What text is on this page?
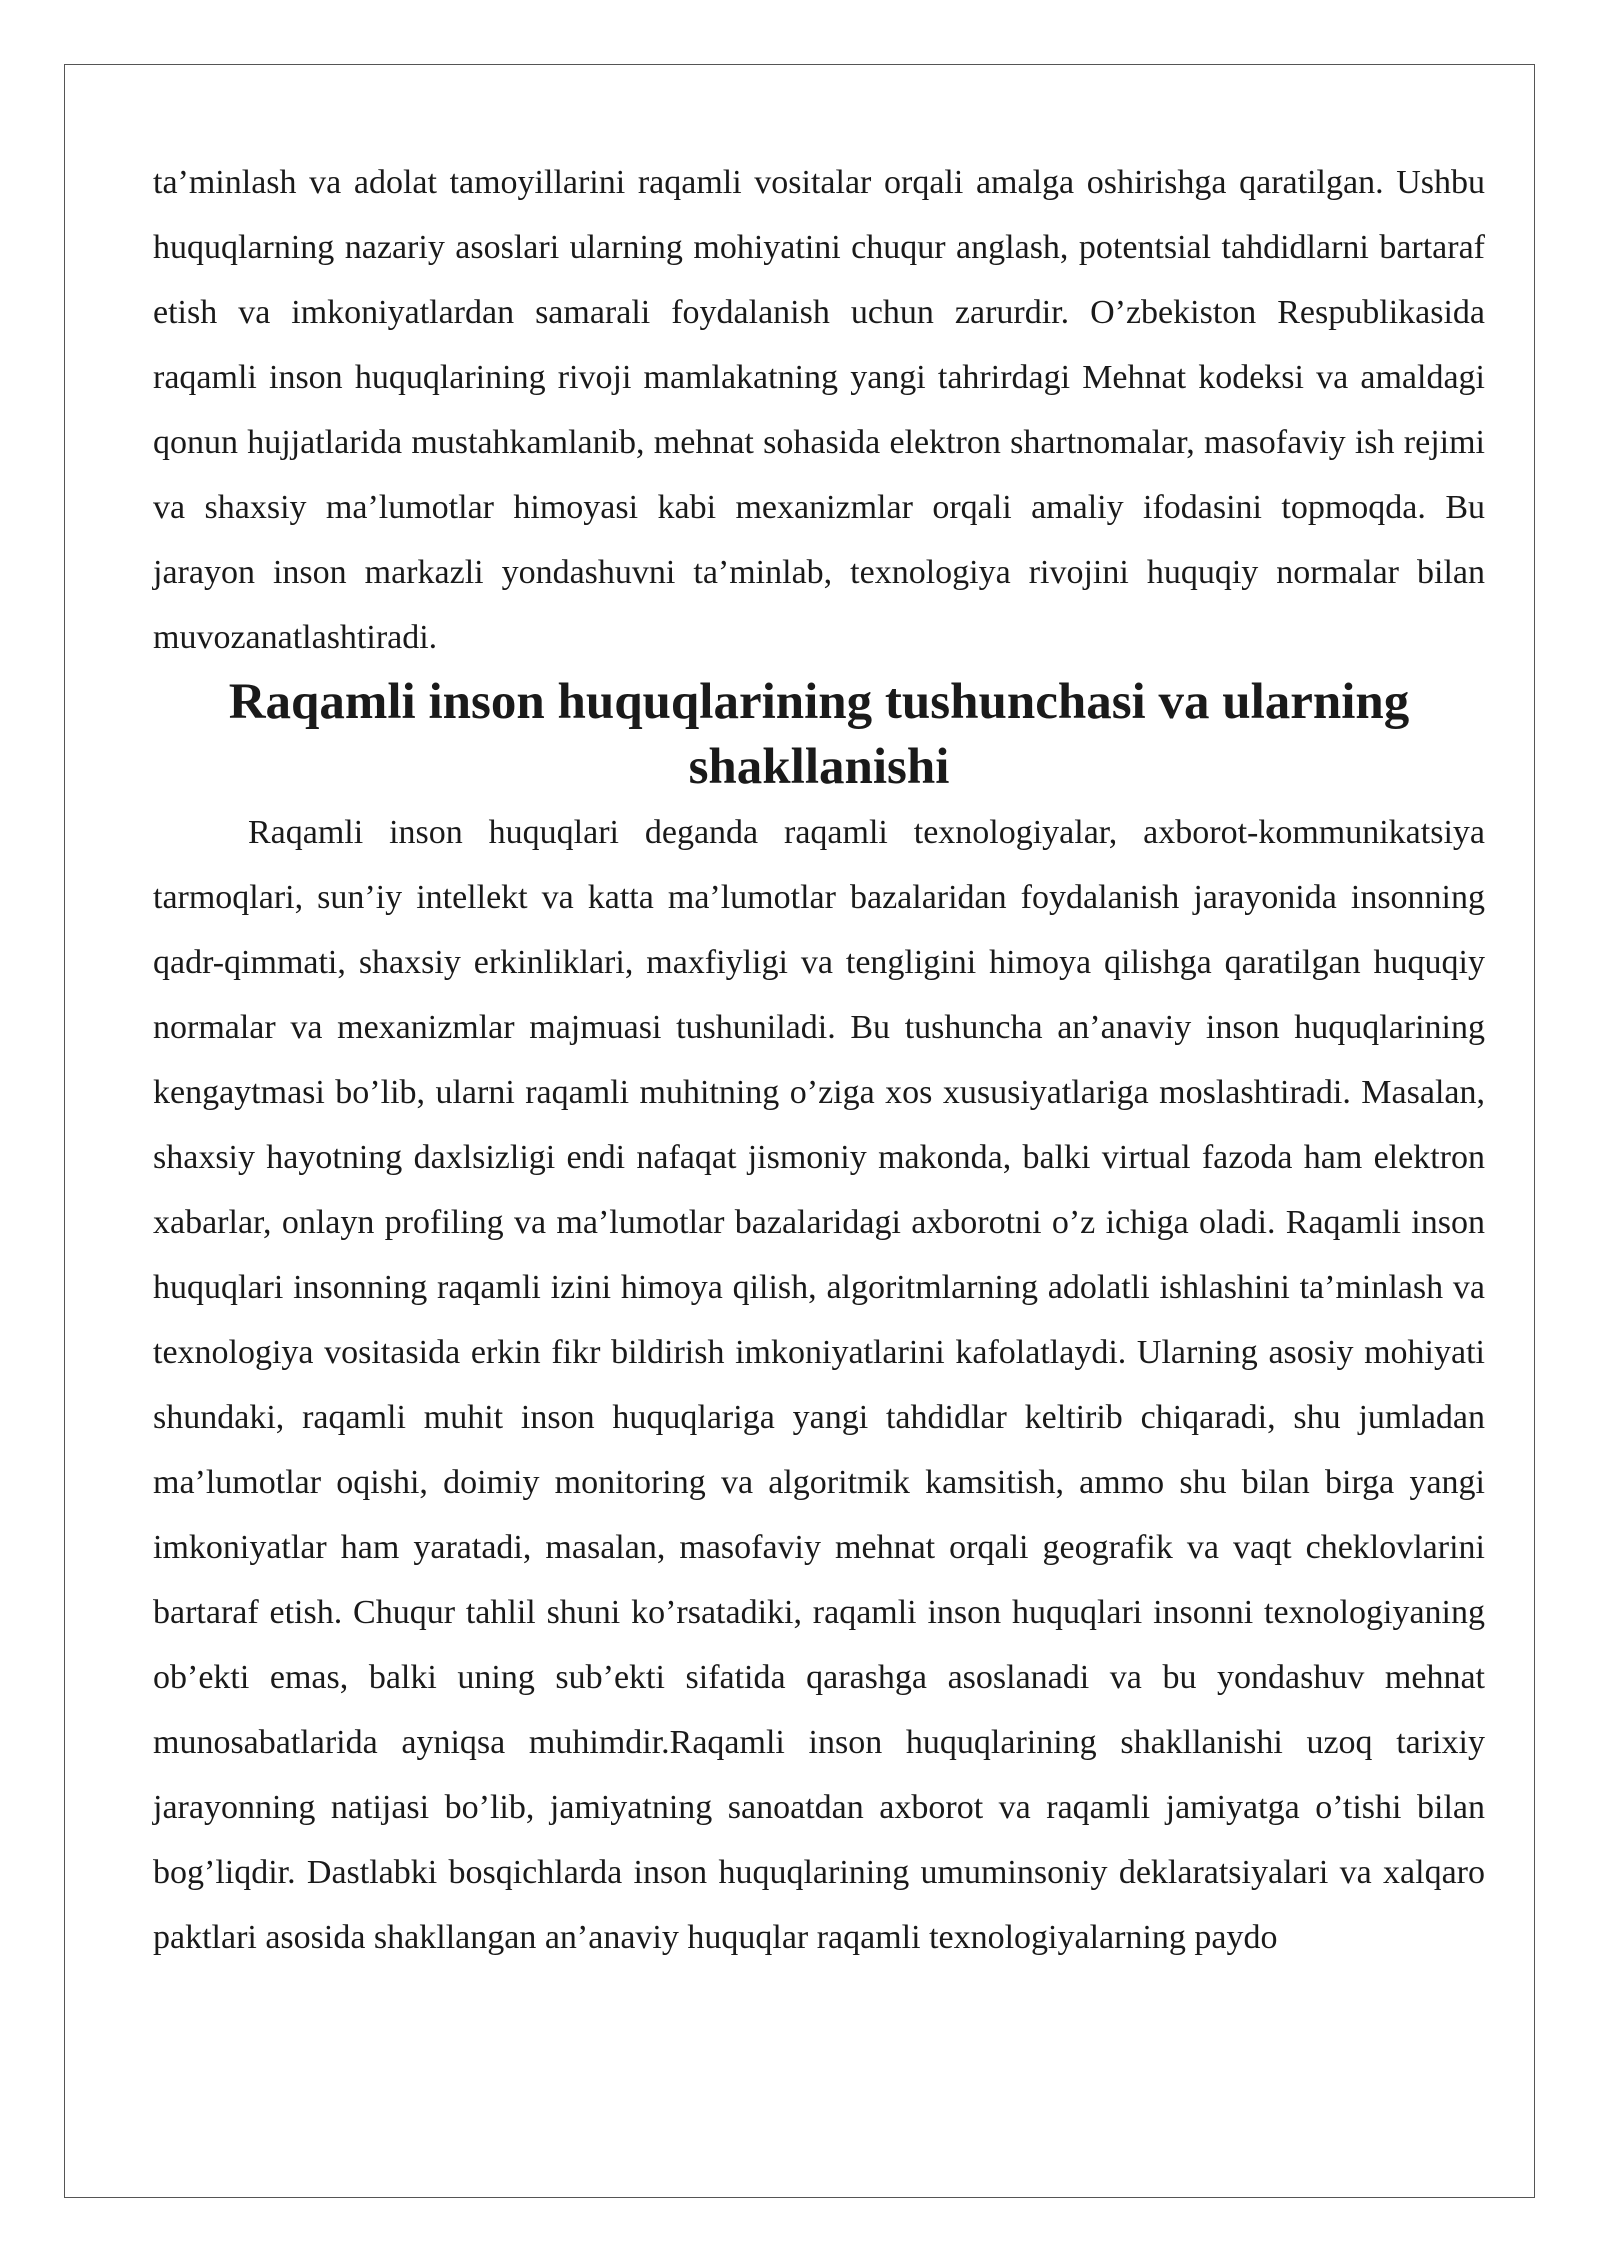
ta’minlash va adolat tamoyillarini raqamli vositalar orqali amalga oshirishga qaratilgan. Ushbu huquqlarning nazariy asoslari ularning mohiyatini chuqur anglash, potentsial tahdidlarni bartaraf etish va imkoniyatlardan samarali foydalanish uchun zarurdir. O’zbekiston Respublikasida raqamli inson huquqlarining rivoji mamlakatning yangi tahrirdagi Mehnat kodeksi va amaldagi qonun hujjatlarida mustahkamlanib, mehnat sohasida elektron shartnomalar, masofaviy ish rejimi va shaxsiy ma’lumotlar himoyasi kabi mexanizmlar orqali amaliy ifodasini topmoqda. Bu jarayon inson markazli yondashuvni ta’minlab, texnologiya rivojini huquqiy normalar bilan muvozanatlashtiradi.

Raqamli inson huquqlarining tushunchasi va ularning shakllanishi

Raqamli inson huquqlari deganda raqamli texnologiyalar, axborot-kommunikatsiya tarmoqlari, sun’iy intellekt va katta ma’lumotlar bazalaridan foydalanish jarayonida insonning qadr-qimmati, shaxsiy erkinliklari, maxfiyligi va tengligini himoya qilishga qaratilgan huquqiy normalar va mexanizmlar majmuasi tushuniladi. Bu tushuncha an’anaviy inson huquqlarining kengaytmasi bo’lib, ularni raqamli muhitning o’ziga xos xususiyatlariga moslashtiradi. Masalan, shaxsiy hayotning daxlsizligi endi nafaqat jismoniy makonda, balki virtual fazoda ham elektron xabarlar, onlayn profiling va ma’lumotlar bazalaridagi axborotni o’z ichiga oladi. Raqamli inson huquqlari insonning raqamli izini himoya qilish, algoritmlarning adolatli ishlashini ta’minlash va texnologiya vositasida erkin fikr bildirish imkoniyatlarini kafolatlaydi. Ularning asosiy mohiyati shundaki, raqamli muhit inson huquqlariga yangi tahdidlar keltirib chiqaradi, shu jumladan ma’lumotlar oqishi, doimiy monitoring va algoritmik kamsitish, ammo shu bilan birga yangi imkoniyatlar ham yaratadi, masalan, masofaviy mehnat orqali geografik va vaqt cheklovlarini bartaraf etish. Chuqur tahlil shuni ko’rsatadiki, raqamli inson huquqlari insonni texnologiyaning ob’ekti emas, balki uning sub’ekti sifatida qarashga asoslanadi va bu yondashuv mehnat munosabatlarida ayniqsa muhimdir.Raqamli inson huquqlarining shakllanishi uzoq tarixiy jarayonning natijasi bo’lib, jamiyatning sanoatdan axborot va raqamli jamiyatga o’tishi bilan bog’liqdir. Dastlabki bosqichlarda inson huquqlarining umuminsoniy deklaratsiyalari va xalqaro paktlari asosida shakllangan an’anaviy huquqlar raqamli texnologiyalarning paydo
